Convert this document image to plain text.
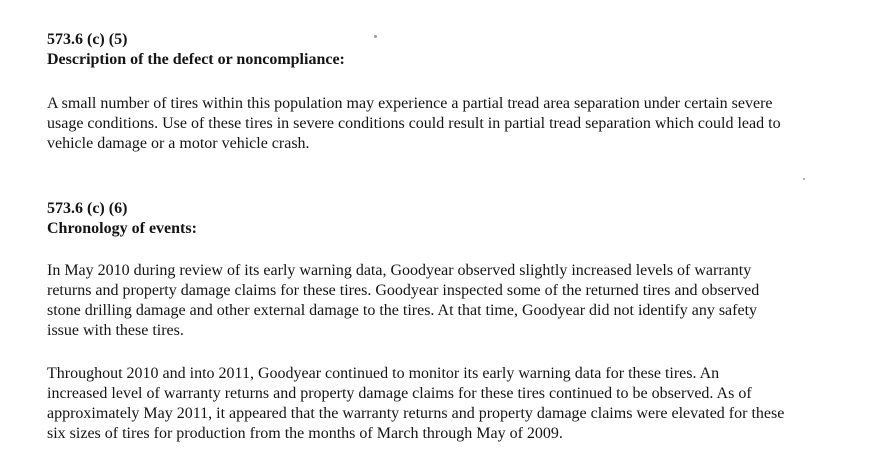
573.6 (c) (5)

Description of the defect or noncompliance:

A small number of tires within this population may experience a partial tread area separation under certain severe
usage conditions. Use of these tires in severe conditions could result in partial tread separation which could lead to
vehicle damage or a motor vehicle crash.

573.6 (c) (6)

Chronology of events:

In May 2010 during review of its early warning data, Goodyear observed slightly increased levels of warranty
returns and property damage claims for these tires. Goodyear inspected some of the returned tires and observed
stone drilling damage and other external damage to the tires. At that time, Goodyear did not identify any safety
issue with these tires.

Throughout 2010 and into 2011, Goodyear continued to monitor its early warning data for these tires. An
increased level of warranty returns and property damage claims for these tires continued to be observed. As of
approximately May 2011, it appeared that the warranty returns and property damage claims were elevated for these
six sizes of tires for production from the months of March through May of 2009.
